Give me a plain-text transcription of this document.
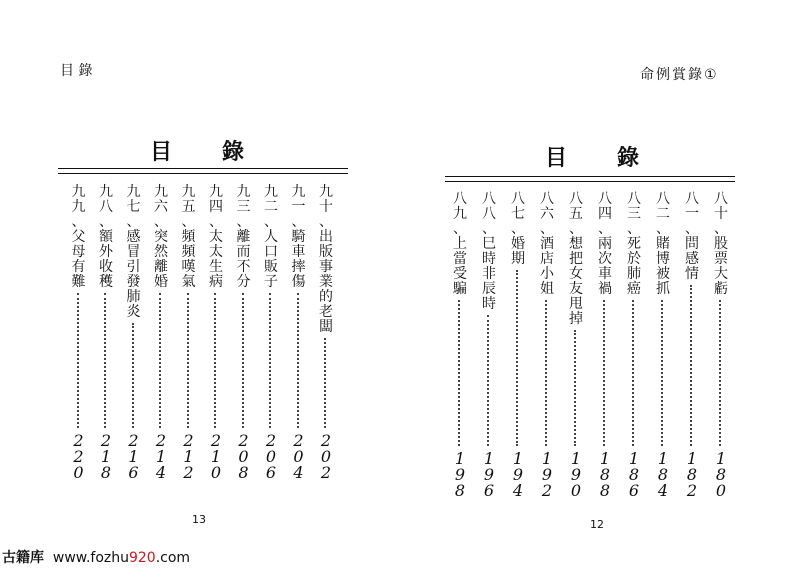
目 錄
目　　錄
九
十
、
出
版
事
業
的
老
闆
2
0
2
九
一
、
騎
車
摔
傷
2
0
4
九
二
、
人
口
販
子
2
0
6
九
三
、
離
而
不
分
2
0
8
九
四
、
太
太
生
病
2
1
0
九
五
、
頻
頻
嘆
氣
2
1
2
九
六
、
突
然
離
婚
2
1
4
九
七
、
感
冒
引
發
肺
炎
2
1
6
九
八
、
額
外
收
穫
2
1
8
九
九
、
父
母
有
難
2
2
0
13
命例賞錄①
目　　錄
八
十
、
股
票
大
虧
1
8
0
八
一
、
問
感
情
1
8
2
八
二
、
賭
博
被
抓
1
8
4
八
三
、
死
於
肺
癌
1
8
6
八
四
、
兩
次
車
禍
1
8
8
八
五
、
想
把
女
友
甩
掉
1
9
0
八
六
、
酒
店
小
姐
1
9
2
八
七
、
婚
期
1
9
4
八
八
、
巳
時
非
辰
時
1
9
6
八
九
、
上
當
受
騙
1
9
8
12
古籍库 www.fozhu920.com
